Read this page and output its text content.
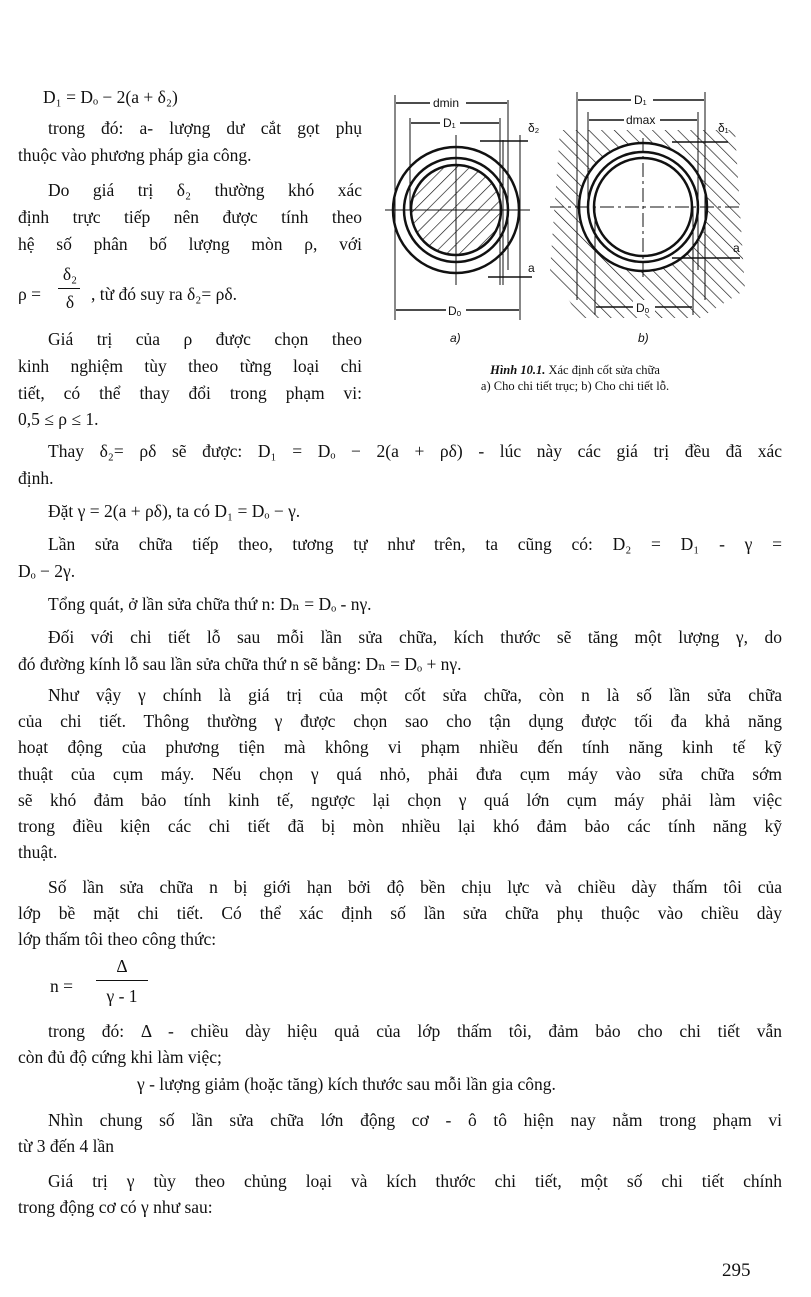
D₁ = Dₒ − 2(a + δ₂)
trong đó: a- lượng dư cắt gọt phụ
thuộc vào phương pháp gia công.
Do giá trị δ₂ thường khó xác
định trực tiếp nên được tính theo
hệ số phân bố lượng mòn ρ, với
ρ =
δ₂
δ , từ đó suy ra δ₂= ρδ.
Giá trị của ρ được chọn theo
kinh nghiệm tùy theo từng loại chi
tiết, có thể thay đổi trong phạm vi:
0,5 ≤ ρ ≤ 1.
dmin
D₁	δ₂
a
Dₒ
a)
D₁
dmax
δ₁
a
Dₒ
b)
Hình 10.1. Xác định cốt sửa chữa
a) Cho chi tiết trục; b) Cho chi tiết lỗ.
Thay δ₂= ρδ sẽ được: D₁ = Dₒ − 2(a + ρδ) - lúc này các giá trị đều đã xác
định.
Đặt γ = 2(a + ρδ), ta có D₁ = Dₒ − γ.
Lần sửa chữa tiếp theo, tương tự như trên, ta cũng có: D₂ = D₁ - γ =
Dₒ − 2γ.
Tổng quát, ở lần sửa chữa thứ n: Dₙ = Dₒ - nγ.
Đối với chi tiết lỗ sau mỗi lần sửa chữa, kích thước sẽ tăng một lượng γ, do
đó đường kính lỗ sau lần sửa chữa thứ n sẽ bằng: Dₙ = Dₒ + nγ.
Như vậy γ chính là giá trị của một cốt sửa chữa, còn n là số lần sửa chữa
của chi tiết. Thông thường γ được chọn sao cho tận dụng được tối đa khả năng
hoạt động của phương tiện mà không vi phạm nhiều đến tính năng kinh tế kỹ
thuật của cụm máy. Nếu chọn γ quá nhỏ, phải đưa cụm máy vào sửa chữa sớm
sẽ khó đảm bảo tính kinh tế, ngược lại chọn γ quá lớn cụm máy phải làm việc
trong điều kiện các chi tiết đã bị mòn nhiều lại khó đảm bảo các tính năng kỹ
thuật.
Số lần sửa chữa n bị giới hạn bởi độ bền chịu lực và chiều dày thấm tôi của
lớp bề mặt chi tiết. Có thể xác định số lần sửa chữa phụ thuộc vào chiều dày
lớp thấm tôi theo công thức:
n =
Δ
γ - 1
trong đó: Δ - chiều dày hiệu quả của lớp thấm tôi, đảm bảo cho chi tiết vẫn
còn đủ độ cứng khi làm việc;
γ - lượng giảm (hoặc tăng) kích thước sau mỗi lần gia công.
Nhìn chung số lần sửa chữa lớn động cơ - ô tô hiện nay nằm trong phạm vi
từ 3 đến 4 lần
Giá trị γ tùy theo chủng loại và kích thước chi tiết, một số chi tiết chính
trong động cơ có γ như sau:
295
